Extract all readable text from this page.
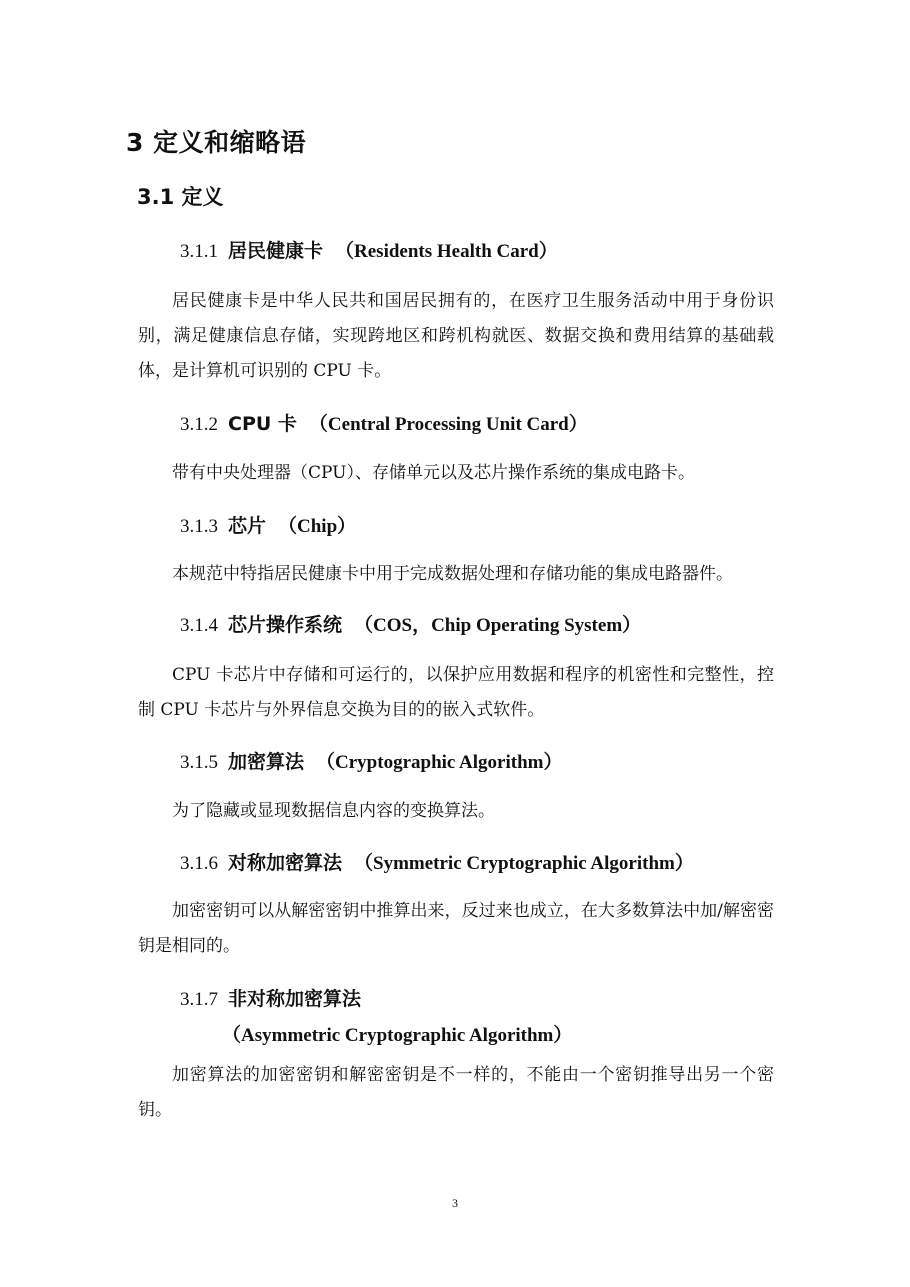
3 定义和缩略语
3.1 定义
3.1.1 居民健康卡 （Residents Health Card）

居民健康卡是中华人民共和国居民拥有的，在医疗卫生服务活动中用于身份识别，满足健康信息存储，实现跨地区和跨机构就医、数据交换和费用结算的基础载体，是计算机可识别的 CPU 卡。

3.1.2 CPU 卡 （Central Processing Unit Card）

带有中央处理器（CPU）、存储单元以及芯片操作系统的集成电路卡。

3.1.3 芯片 （Chip）

本规范中特指居民健康卡中用于完成数据处理和存储功能的集成电路器件。

3.1.4 芯片操作系统 （COS，Chip Operating System）

CPU 卡芯片中存储和可运行的，以保护应用数据和程序的机密性和完整性，控制 CPU 卡芯片与外界信息交换为目的的嵌入式软件。

3.1.5 加密算法 （Cryptographic Algorithm）

为了隐藏或显现数据信息内容的变换算法。

3.1.6 对称加密算法 （Symmetric Cryptographic Algorithm）

加密密钥可以从解密密钥中推算出来，反过来也成立，在大多数算法中加/解密密钥是相同的。

3.1.7 非对称加密算法
（Asymmetric Cryptographic Algorithm）

加密算法的加密密钥和解密密钥是不一样的，不能由一个密钥推导出另一个密钥。

3
